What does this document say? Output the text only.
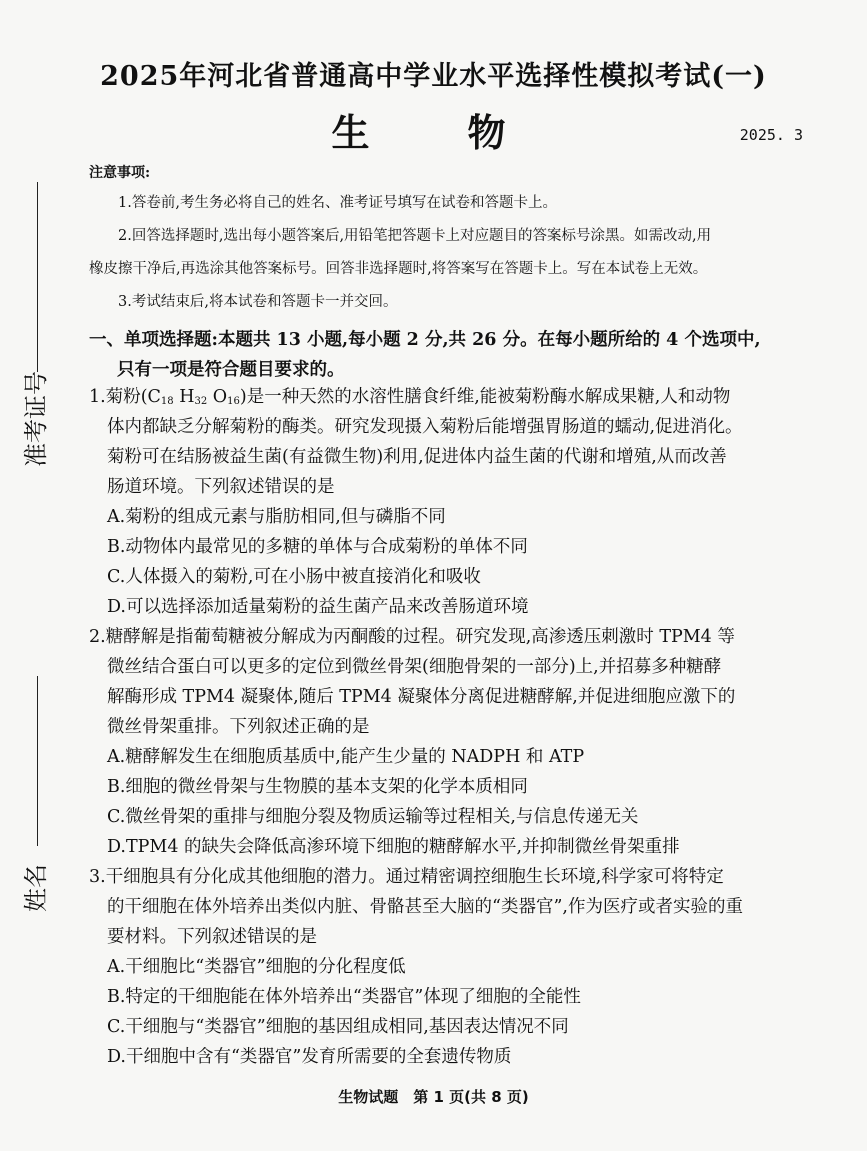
准考证号
姓名
2025年河北省普通高中学业水平选择性模拟考试(一)
生　物	2025. 3
注意事项:
1.答卷前,考生务必将自己的姓名、准考证号填写在试卷和答题卡上。
2.回答选择题时,选出每小题答案后,用铅笔把答题卡上对应题目的答案标号涂黑。如需改动,用
橡皮擦干净后,再选涂其他答案标号。回答非选择题时,将答案写在答题卡上。写在本试卷上无效。
3.考试结束后,将本试卷和答题卡一并交回。
一、单项选择题:本题共 13 小题,每小题 2 分,共 26 分。在每小题所给的 4 个选项中,
只有一项是符合题目要求的。
1.菊粉($C_{18}$ $H_{32}$ $O_{16}$)是一种天然的水溶性膳食纤维,能被菊粉酶水解成果糖,人和动物
体内都缺乏分解菊粉的酶类。研究发现摄入菊粉后能增强胃肠道的蠕动,促进消化。
菊粉可在结肠被益生菌(有益微生物)利用,促进体内益生菌的代谢和增殖,从而改善
肠道环境。下列叙述错误的是
A.菊粉的组成元素与脂肪相同,但与磷脂不同
B.动物体内最常见的多糖的单体与合成菊粉的单体不同
C.人体摄入的菊粉,可在小肠中被直接消化和吸收
D.可以选择添加适量菊粉的益生菌产品来改善肠道环境
2.糖酵解是指葡萄糖被分解成为丙酮酸的过程。研究发现,高渗透压刺激时 TPM4 等
微丝结合蛋白可以更多的定位到微丝骨架(细胞骨架的一部分)上,并招募多种糖酵
解酶形成 TPM4 凝聚体,随后 TPM4 凝聚体分离促进糖酵解,并促进细胞应激下的
微丝骨架重排。下列叙述正确的是
A.糖酵解发生在细胞质基质中,能产生少量的 NADPH 和 ATP
B.细胞的微丝骨架与生物膜的基本支架的化学本质相同
C.微丝骨架的重排与细胞分裂及物质运输等过程相关,与信息传递无关
D.TPM4 的缺失会降低高渗环境下细胞的糖酵解水平,并抑制微丝骨架重排
3.干细胞具有分化成其他细胞的潜力。通过精密调控细胞生长环境,科学家可将特定
的干细胞在体外培养出类似内脏、骨骼甚至大脑的“类器官”,作为医疗或者实验的重
要材料。下列叙述错误的是
A.干细胞比“类器官”细胞的分化程度低
B.特定的干细胞能在体外培养出“类器官”体现了细胞的全能性
C.干细胞与“类器官”细胞的基因组成相同,基因表达情况不同
D.干细胞中含有“类器官”发育所需要的全套遗传物质
生物试题　第 1 页(共 8 页)
